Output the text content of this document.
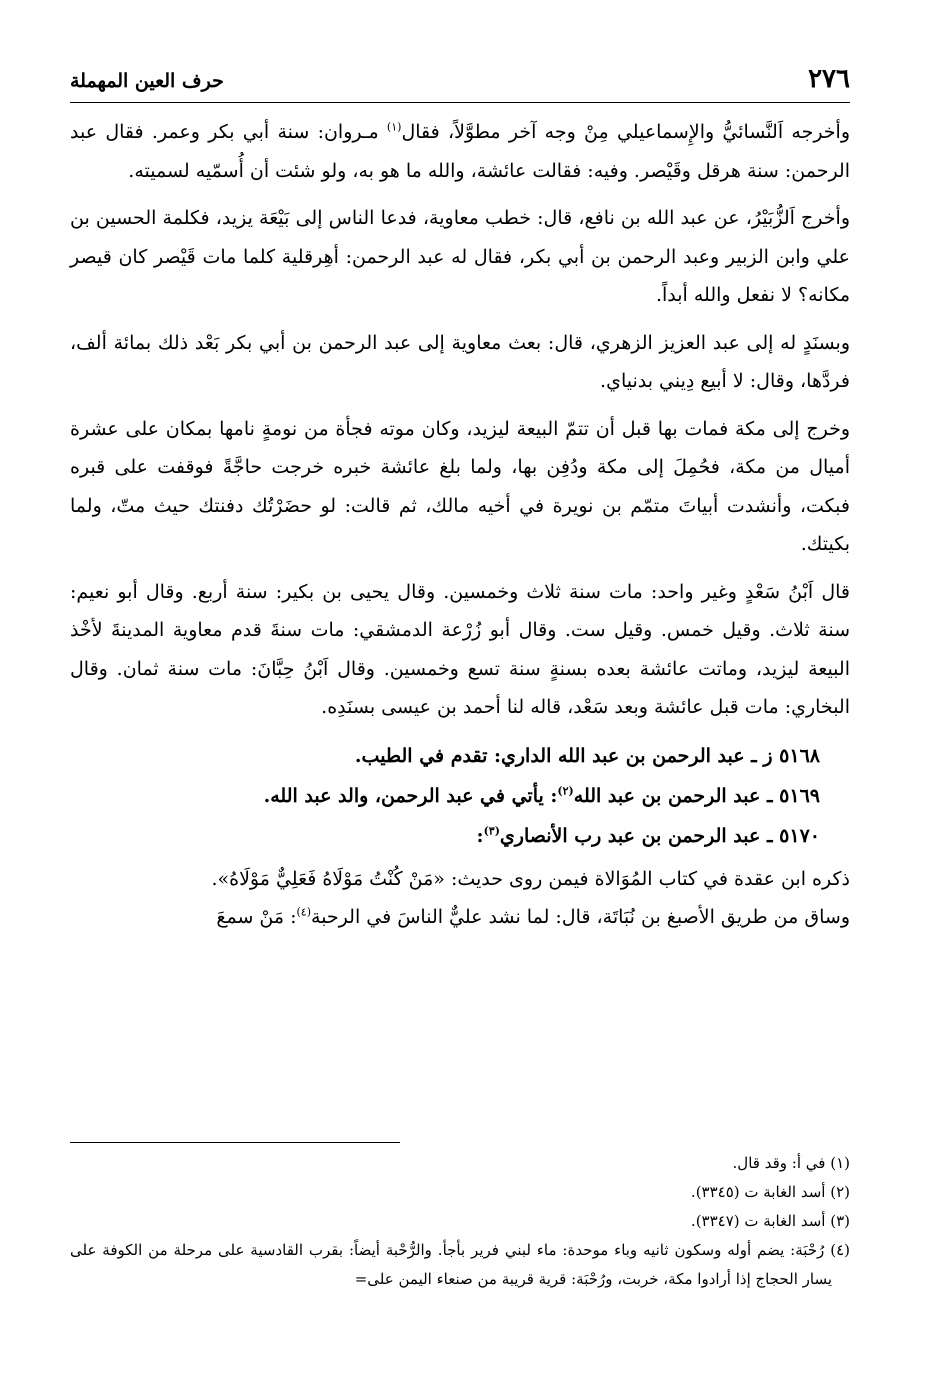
٢٧٦
حرف العين المهملة

وأخرجه اَلنَّسائيُّ والإِسماعيلي مِنْ وجه آخر مطوَّلاً، فقال$^{(١)}$ مـروان: سنة أبي بكر وعمر. فقال عبد الرحمن: سنة هرقل وقَيْصر. وفيه: فقالت عائشة، والله ما هو به، ولو شئت أن أُسمّيه لسميته.

وأخرج اَلزُّبَيْرُ، عن عبد الله بن نافع، قال: خطب معاوية، فدعا الناس إلى بَيْعَة يزيد، فكلمة الحسين بن علي وابن الزبير وعبد الرحمن بن أبي بكر، فقال له عبد الرحمن: أهِرقلية كلما مات قَيْصر كان قيصر مكانه؟ لا نفعل والله أبداً.

وبسنَدٍ له إلى عبد العزيز الزهري، قال: بعث معاوية إلى عبد الرحمن بن أبي بكر بَعْد ذلك بمائة ألف، فردَّها، وقال: لا أبيع دِيني بدنياي.

وخرج إلى مكة فمات بها قبل أن تتمّ البيعة ليزيد، وكان موته فجأة من نومةٍ نامها بمكان على عشرة أميال من مكة، فحُمِلَ إلى مكة ودُفِن بها، ولما بلغ عائشة خبره خرجت حاجَّةً فوقفت على قبره فبكت، وأنشدت أبياتَ متمّم بن نويرة في أخيه مالك، ثم قالت: لو حضَرْتُك دفنتك حيث متّ، ولما بكيتك.

قال اَبْنُ سَعْدٍ وغير واحد: مات سنة ثلاث وخمسين. وقال يحيى بن بكير: سنة أربع. وقال أبو نعيم: سنة ثلاث. وقيل خمس. وقيل ست. وقال أبو زُرْعة الدمشقي: مات سنةَ قدم معاوية المدينةَ لأخْذ البيعة ليزيد، وماتت عائشة بعده بسنةٍ سنة تسع وخمسين. وقال اَبْنُ حِبَّانَ: مات سنة ثمان. وقال البخاري: مات قبل عائشة وبعد سَعْد، قاله لنا أحمد بن عيسى بسنَدِه.

٥١٦٨ ز ـ عبد الرحمن بن عبد الله الداري: تقدم في الطيب.
٥١٦٩ ـ عبد الرحمن بن عبد الله$^{(٢)}$: يأتي في عبد الرحمن، والد عبد الله.
٥١٧٠ ـ عبد الرحمن بن عبد رب الأنصاري$^{(٣)}$:

ذكره ابن عقدة في كتاب المُوَالاة فيمن روى حديث: «مَنْ كُنْتُ مَوْلَاهُ فَعَلِيٌّ مَوْلَاهُ».

وساق من طريق الأصبغ بن نُبَاتَة، قال: لما نشد عليٌّ الناسَ في الرحبة$^{(٤)}$: مَنْ سمعَ

(١) في أ: وقد قال.

(٢) أسد الغابة ت (٣٣٤٥).

(٣) أسد الغابة ت (٣٣٤٧).

(٤) رُحْبَة: يضم أوله وسكون ثانيه وباء موحدة: ماء لبني فرير بأجأ. والرُّحْبة أيضاً: بقرب القادسية على مرحلة من الكوفة على يسار الحجاج إذا أرادوا مكة، خربت، ورُحْبَة: قرية قريبة من صنعاء اليمن على=
